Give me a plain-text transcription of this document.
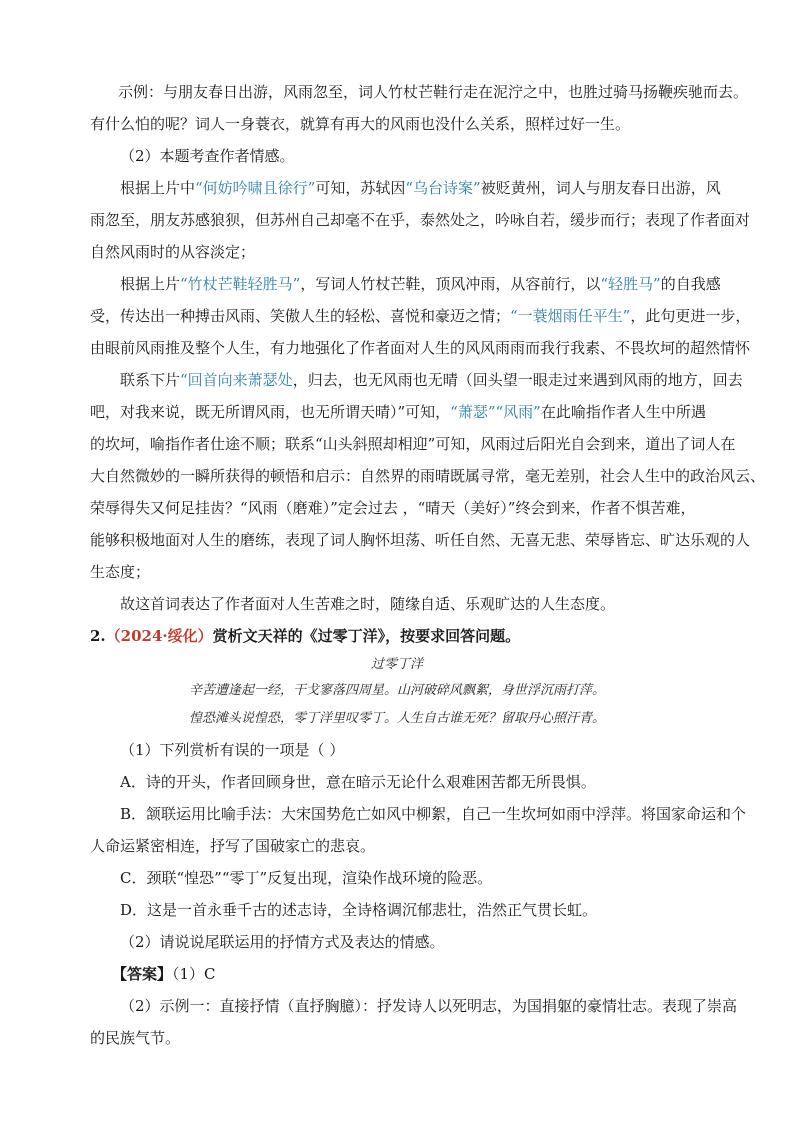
示例：与朋友春日出游，风雨忽至，词人竹杖芒鞋行走在泥泞之中，也胜过骑马扬鞭疾驰而去。
有什么怕的呢？词人一身蓑衣，就算有再大的风雨也没什么关系，照样过好一生。
（2）本题考查作者情感。
根据上片中“何妨吟啸且徐行”可知，苏轼因“乌台诗案”被贬黄州，词人与朋友春日出游，风
雨忽至，朋友苏感狼狈，但苏州自己却毫不在乎，泰然处之，吟咏自若，缓步而行；表现了作者面对
自然风雨时的从容淡定；
根据上片“竹杖芒鞋轻胜马”，写词人竹杖芒鞋，顶风冲雨，从容前行，以“轻胜马”的自我感
受，传达出一种搏击风雨、笑傲人生的轻松、喜悦和豪迈之情；“一蓑烟雨任平生”，此句更进一步，
由眼前风雨推及整个人生，有力地强化了作者面对人生的风风雨雨而我行我素、不畏坎坷的超然情怀
联系下片“回首向来萧瑟处，归去，也无风雨也无晴（回头望一眼走过来遇到风雨的地方，回去
吧，对我来说，既无所谓风雨，也无所谓天晴）”可知，“萧瑟”“风雨”在此喻指作者人生中所遇
的坎坷，喻指作者仕途不顺；联系“山头斜照却相迎”可知，风雨过后阳光自会到来，道出了词人在
大自然微妙的一瞬所获得的顿悟和启示：自然界的雨晴既属寻常，毫无差别，社会人生中的政治风云、
荣辱得失又何足挂齿？“风雨（磨难）”定会过去 ，“晴天（美好）”终会到来，作者不惧苦难，
能够积极地面对人生的磨练，表现了词人胸怀坦荡、听任自然、无喜无悲、荣辱皆忘、旷达乐观的人
生态度；
故这首词表达了作者面对人生苦难之时，随缘自适、乐观旷达的人生态度。
2.（2024·绥化）赏析文天祥的《过零丁洋》，按要求回答问题。
过零丁洋
辛苦遭逢起一经，干戈寥落四周星。山河破碎风飘絮，身世浮沉雨打萍。
惶恐滩头说惶恐，零丁洋里叹零丁。人生自古谁无死？留取丹心照汗青。
（1）下列赏析有误的一项是（ ）
A．诗的开头，作者回顾身世，意在暗示无论什么艰难困苦都无所畏惧。
B．颔联运用比喻手法：大宋国势危亡如风中柳絮，自己一生坎坷如雨中浮萍。将国家命运和个
人命运紧密相连，抒写了国破家亡的悲哀。
C．颈联“惶恐”“零丁”反复出现，渲染作战环境的险恶。
D．这是一首永垂千古的述志诗，全诗格调沉郁悲壮，浩然正气贯长虹。
（2）请说说尾联运用的抒情方式及表达的情感。
【答案】（1）C
（2）示例一：直接抒情（直抒胸臆）：抒发诗人以死明志，为国捐躯的豪情壮志。表现了崇高
的民族气节。
